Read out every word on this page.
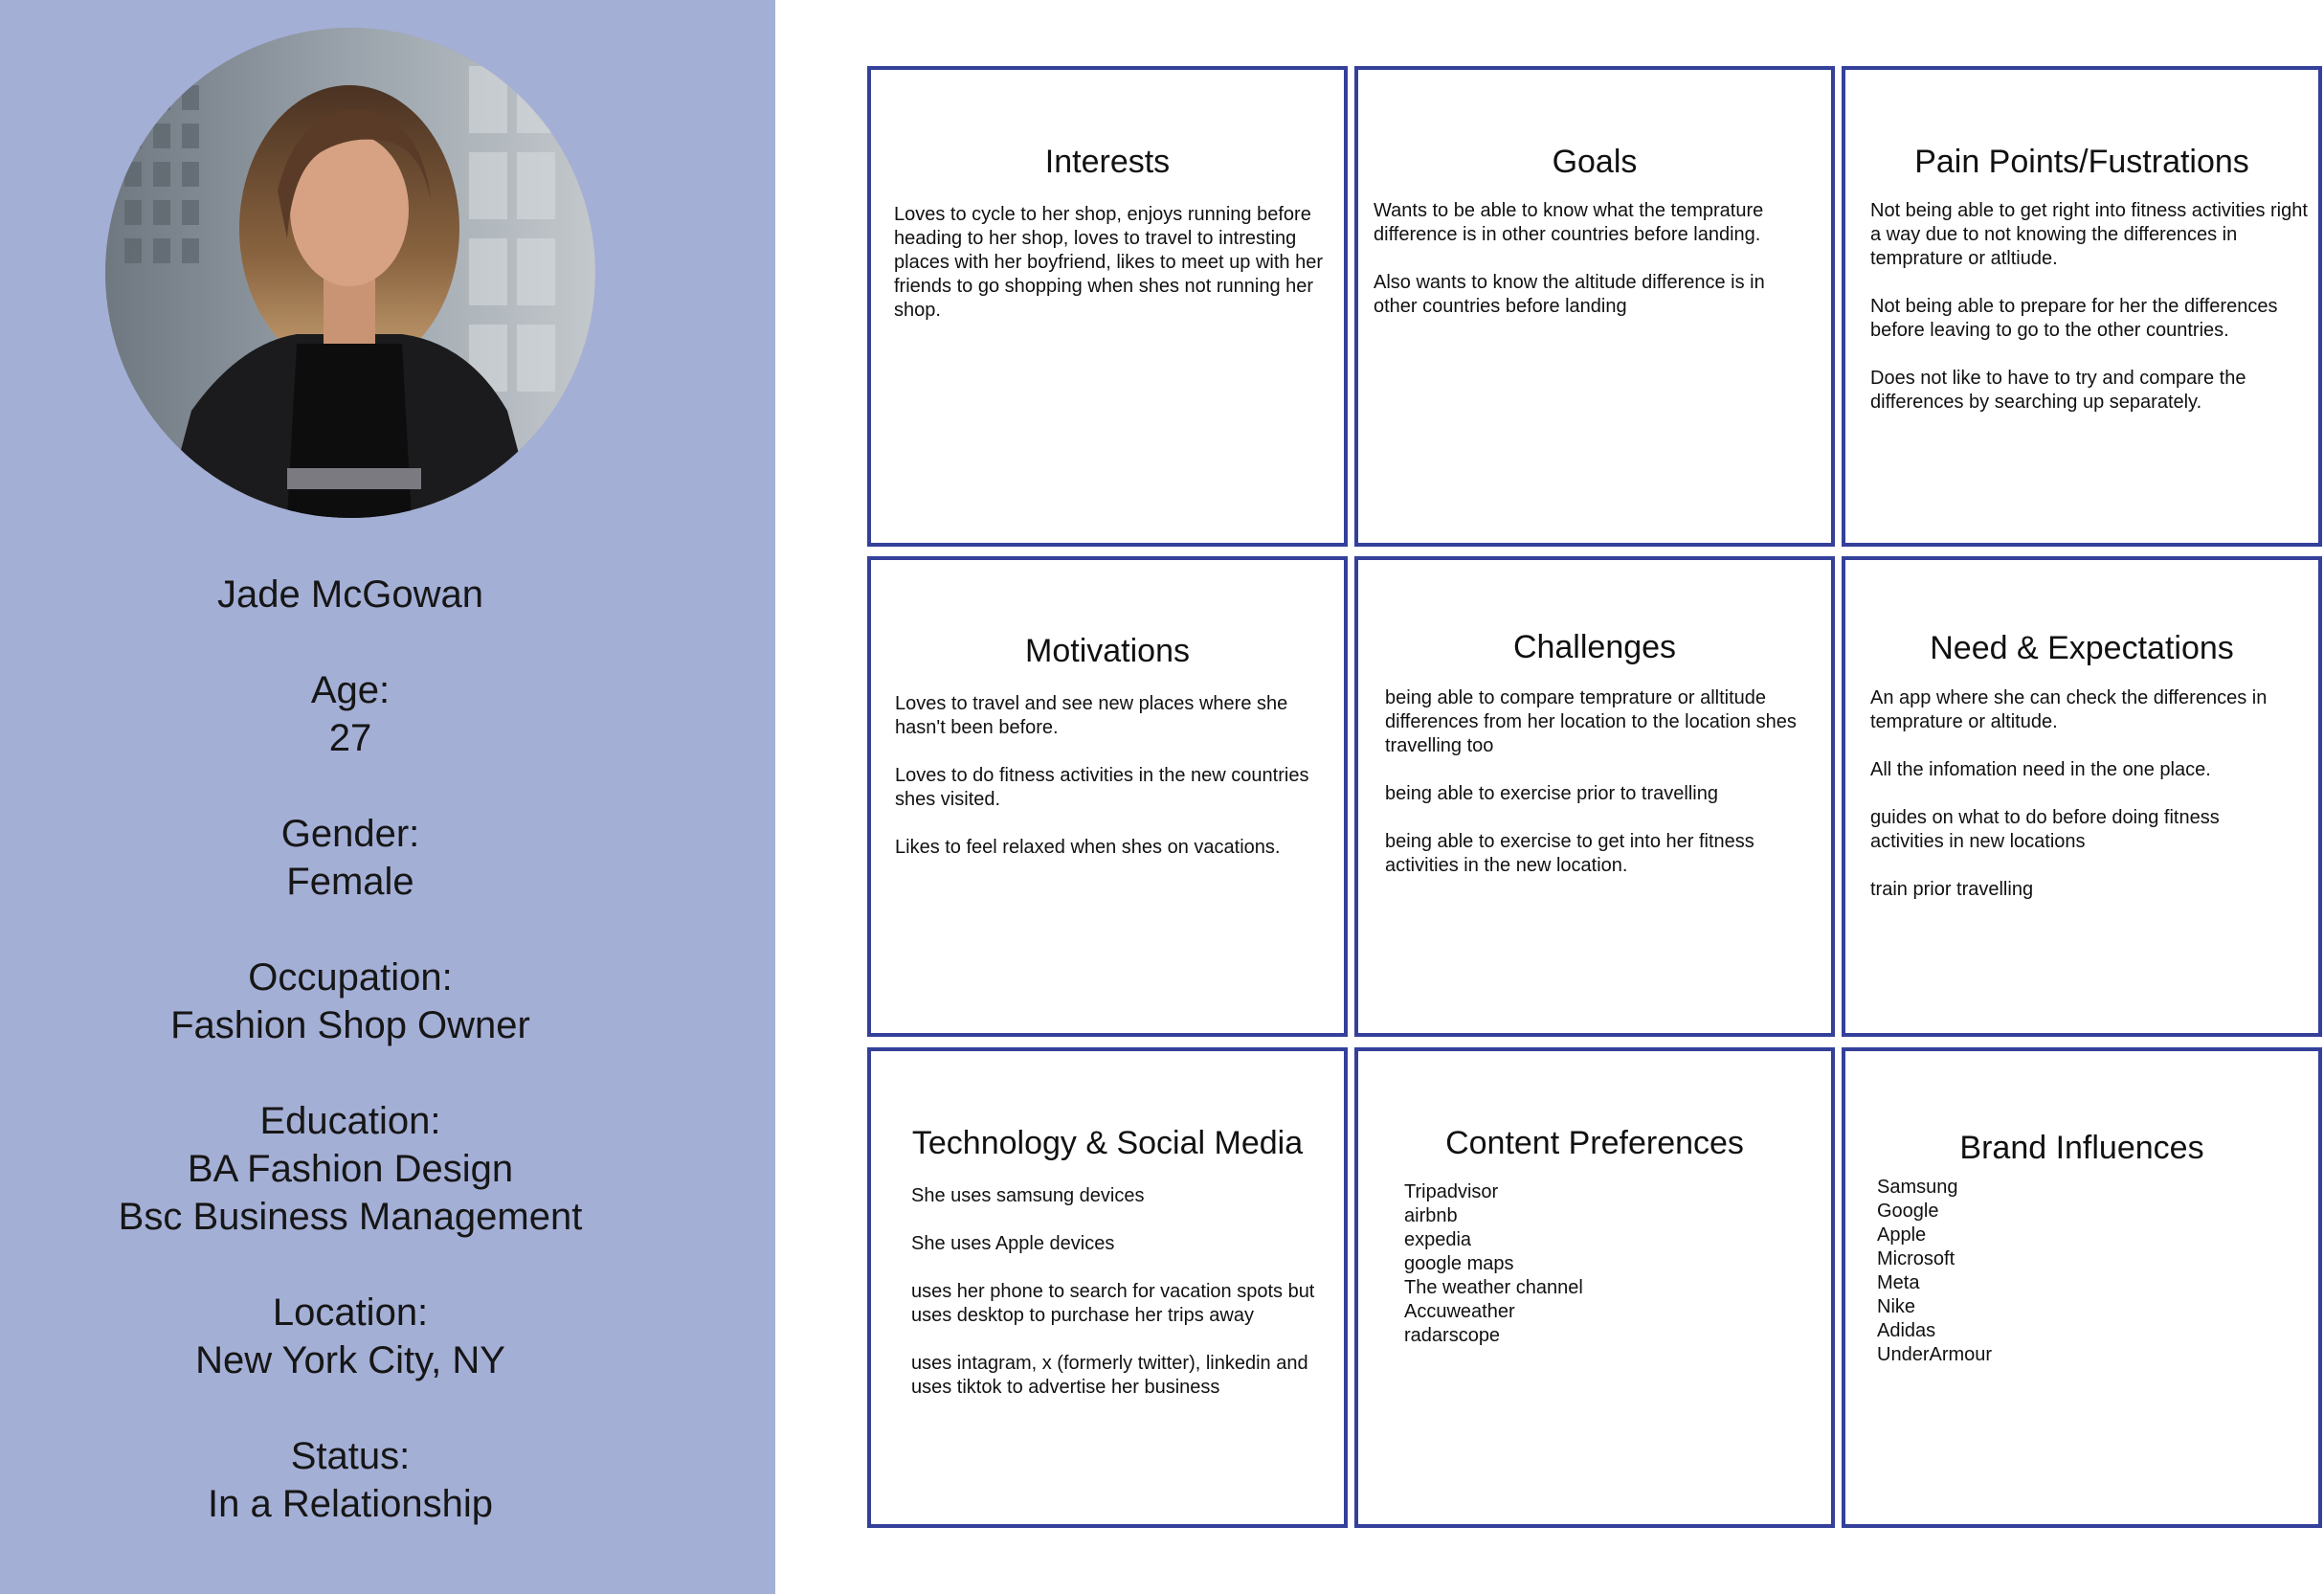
Jade McGowan
Age:
27
Gender:
Female
Occupation:
Fashion Shop Owner
Education:
BA Fashion Design
Bsc Business Management
Location:
New York City, NY
Status:
In a Relationship
Interests
Loves to cycle to her shop, enjoys running before heading to her shop, loves to travel to intresting places with her boyfriend, likes to meet up with her friends to go shopping when shes not running her shop.
Goals
Wants to be able to know what the temprature difference is in other countries before landing.
Also wants to know the altitude difference is in other countries before landing
Pain Points/Fustrations
Not being able to get right into fitness activities right a way due to not knowing the differences in temprature or atltiude.
Not being able to prepare for her the differences before leaving to go to the other countries.
Does not like to have to try and compare the differences by searching up separately.
Motivations
Loves to travel and see new places where she hasn't been before.
Loves to do fitness activities in the new countries shes visited.
Likes to feel relaxed when shes on vacations.
Challenges
being able to compare temprature or alltitude differences from her location to the location shes travelling too
being able to exercise prior to travelling
being able to exercise to get into her fitness activities in the new location.
Need & Expectations
An app where she can check the differences in temprature or altitude.
All the infomation need in the one place.
guides on what to do before doing fitness activities in new locations
train prior travelling
Technology & Social Media
She uses samsung devices
She uses Apple devices
uses her phone to search for vacation spots but uses desktop to purchase her trips away
uses intagram, x (formerly twitter), linkedin and uses tiktok to advertise her business
Content Preferences
Tripadvisor
airbnb
expedia
google maps
The weather channel
Accuweather
radarscope
Brand Influences
Samsung
Google
Apple
Microsoft
Meta
Nike
Adidas
UnderArmour
